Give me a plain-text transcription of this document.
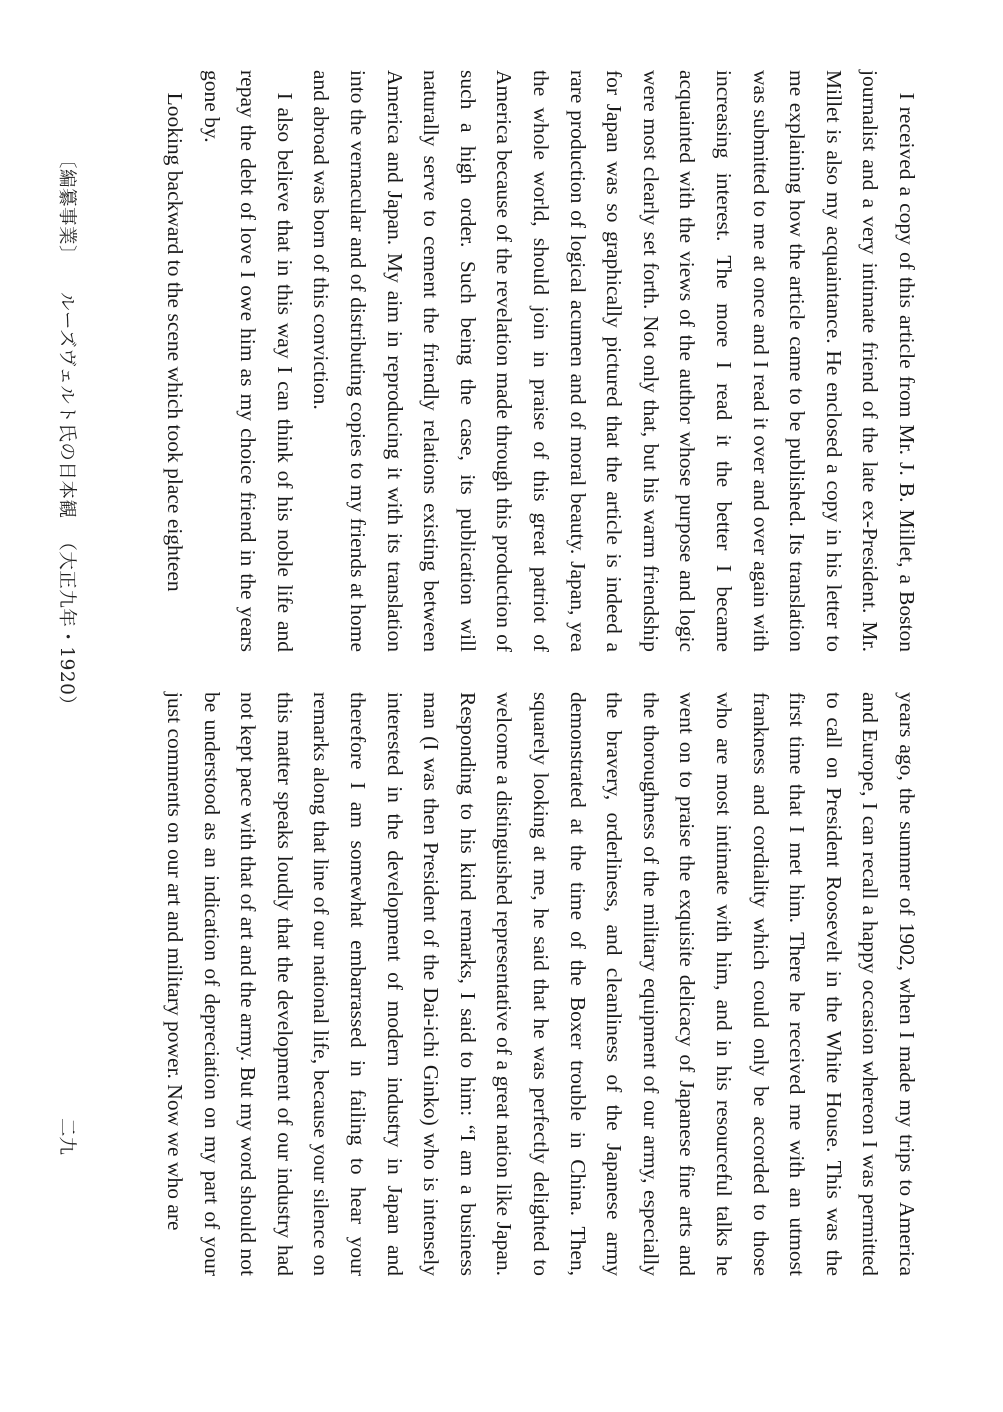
I received a copy of this article from Mr. J. B. Millet, a Boston journalist and a very intimate friend of the late ex-President. Mr. Millet is also my acquaintance. He enclosed a copy in his letter to me explaining how the article came to be published. Its translation was submitted to me at once and I read it over and over again with increasing interest. The more I read it the better I became acquainted with the views of the author whose purpose and logic were most clearly set forth. Not only that, but his warm friendship for Japan was so graphically pictured that the article is indeed a rare production of logical acumen and of moral beauty. Japan, yea the whole world, should join in praise of this great patriot of America because of the revelation made through this production of such a high order. Such being the case, its publication will naturally serve to cement the friendly relations existing between America and Japan. My aim in reproducing it with its translation into the vernacular and of distributing copies to my friends at home and abroad was born of this conviction.

I also believe that in this way I can think of his noble life and repay the debt of love I owe him as my choice friend in the years gone by.

Looking backward to the scene which took place eighteen

years ago, the summer of 1902, when I made my trips to America and Europe, I can recall a happy occasion whereon I was permitted to call on President Roosevelt in the White House. This was the first time that I met him. There he received me with an utmost frankness and cordiality which could only be accorded to those who are most intimate with him, and in his resourceful talks he went on to praise the exquisite delicacy of Japanese fine arts and the thoroughness of the military equipment of our army, especially the bravery, orderliness, and cleanliness of the Japanese army demonstrated at the time of the Boxer trouble in China. Then, squarely looking at me, he said that he was perfectly delighted to welcome a distinguished representative of a great nation like Japan. Responding to his kind remarks, I said to him: “I am a business man (I was then President of the Dai-ichi Ginko) who is intensely interested in the development of modern industry in Japan and therefore I am somewhat embarrassed in failing to hear your remarks along that line of our national life, because your silence on this matter speaks loudly that the development of our industry had not kept pace with that of art and the army. But my word should not be understood as an indication of depreciation on my part of your just comments on our art and military power. Now we who are

〔編纂事業〕ルーズヴェルト氏の日本観（大正九年・1920）
二九
